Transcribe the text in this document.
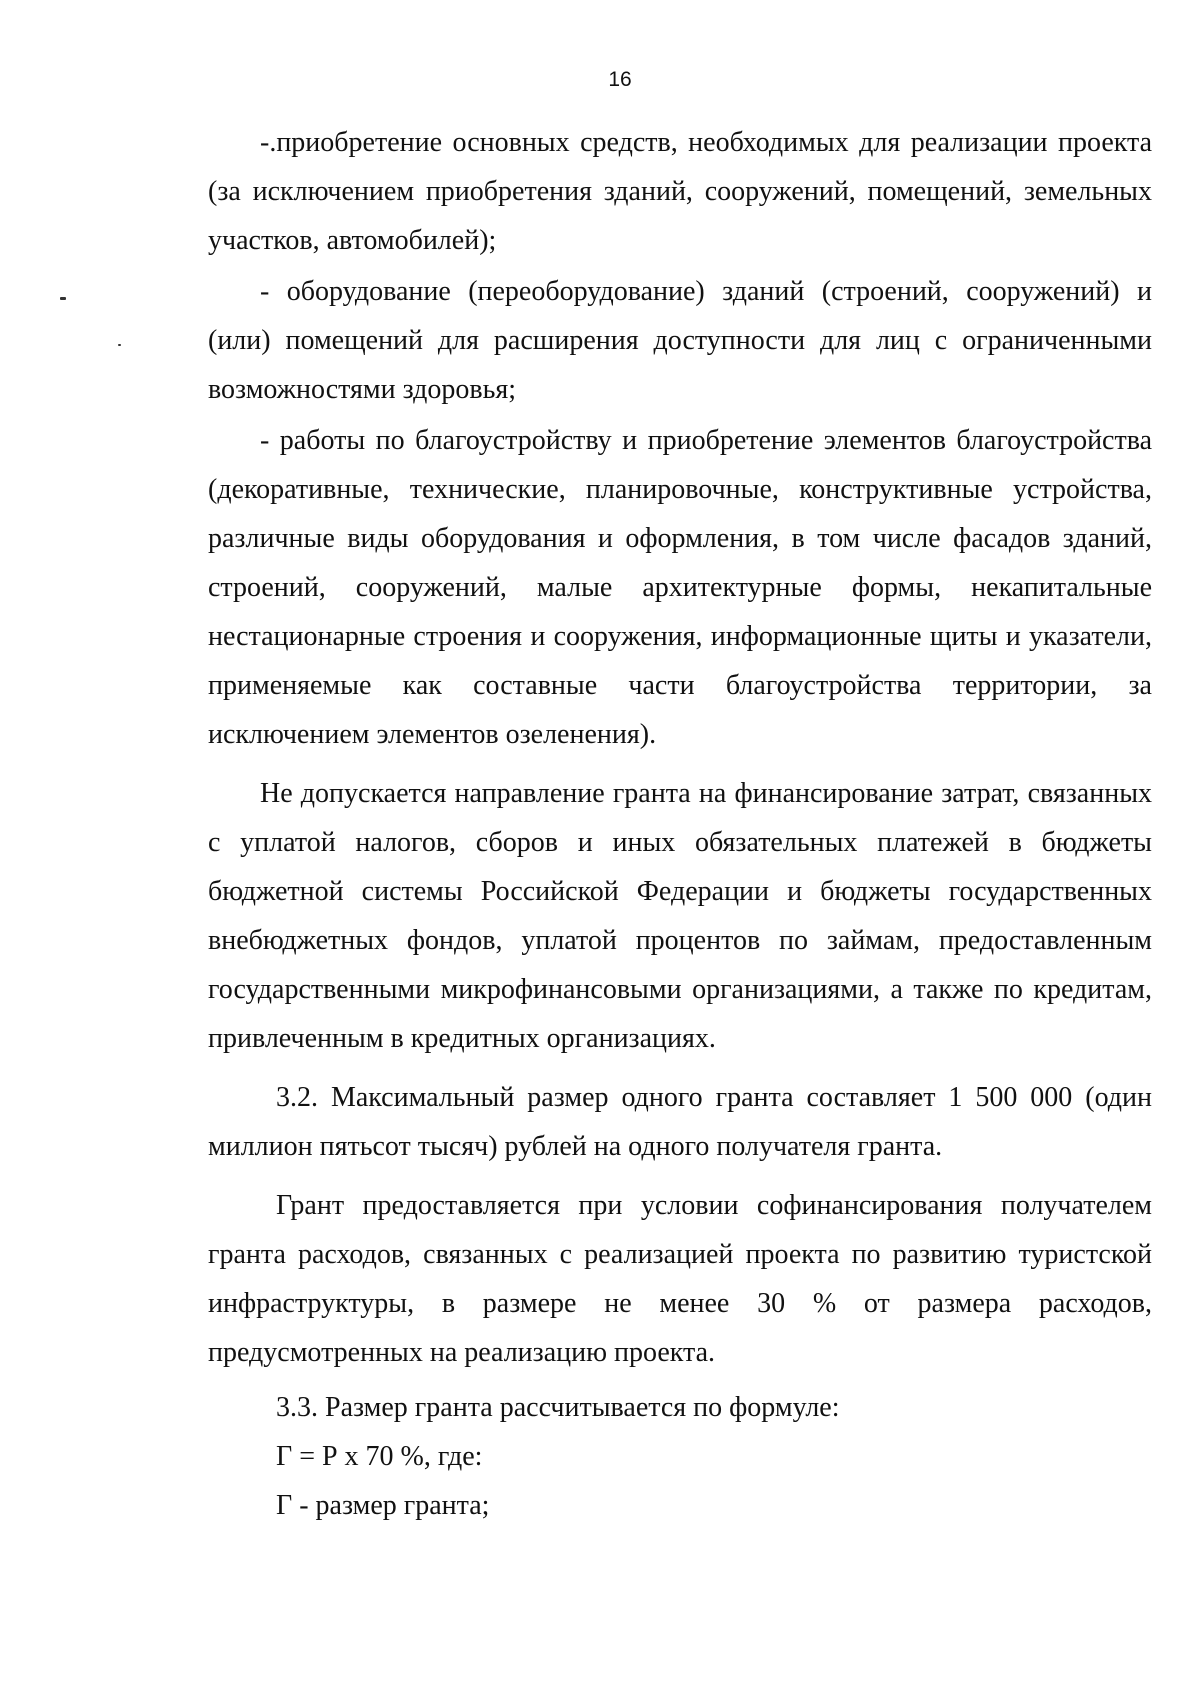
16

-.приобретение основных средств, необходимых для реализации проекта (за исключением приобретения зданий, сооружений, помещений, земельных участков, автомобилей);

- оборудование (переоборудование) зданий (строений, сооружений) и (или) помещений для расширения доступности для лиц с ограниченными возможностями здоровья;

- работы по благоустройству и приобретение элементов благоустройства (декоративные, технические, планировочные, конструктивные устройства, различные виды оборудования и оформления, в том числе фасадов зданий, строений, сооружений, малые архитектурные формы, некапитальные нестационарные строения и сооружения, информационные щиты и указатели, применяемые как составные части благоустройства территории, за исключением элементов озеленения).

Не допускается направление гранта на финансирование затрат, связанных с уплатой налогов, сборов и иных обязательных платежей в бюджеты бюджетной системы Российской Федерации и бюджеты государственных внебюджетных фондов, уплатой процентов по займам, предоставленным государственными микрофинансовыми организациями, а также по кредитам, привлеченным в кредитных организациях.

3.2. Максимальный размер одного гранта составляет 1 500 000 (один миллион пятьсот тысяч) рублей на одного получателя гранта.

Грант предоставляется при условии софинансирования получателем гранта расходов, связанных с реализацией проекта по развитию туристской инфраструктуры, в размере не менее 30 % от размера расходов, предусмотренных на реализацию проекта.

3.3. Размер гранта рассчитывается по формуле:

Г = Р х 70 %, где:

Г - размер гранта;
